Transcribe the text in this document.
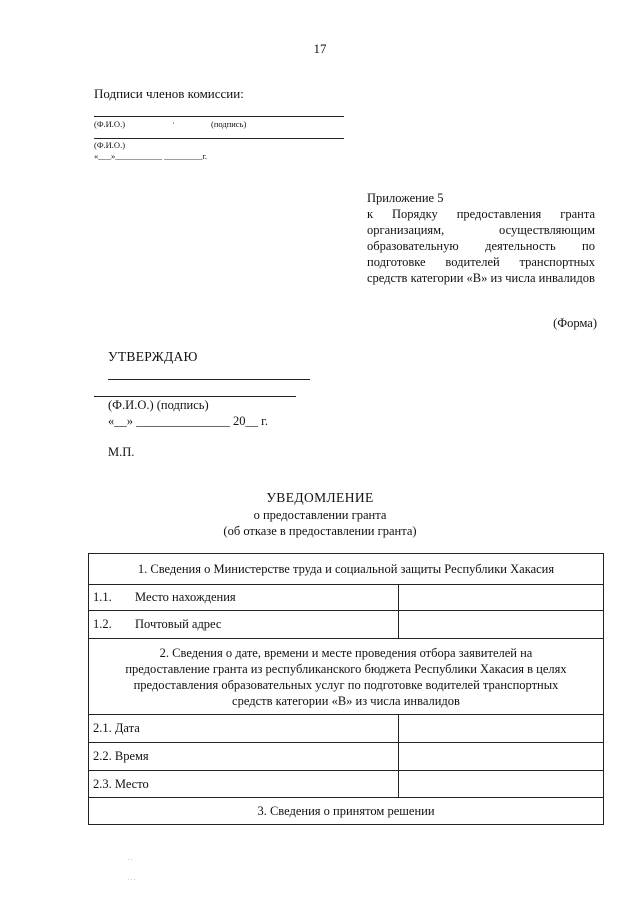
17
Подписи членов комиссии:
(Ф.И.О.)	·	(подпись)
(Ф.И.О.)
«___»___________ _________г.
Приложение 5
к Порядку предоставления гранта организациям, осуществляющим образовательную деятельность по подготовке водителей транспортных средств категории «В» из числа инвалидов
(Форма)
УТВЕРЖДАЮ
(Ф.И.О.) (подпись)
«__» _______________ 20__ г.
М.П.
УВЕДОМЛЕНИЕ
о предоставлении гранта
(об отказе в предоставлении гранта)
1. Сведения о Министерстве труда и социальной защиты Республики Хакасия	
1.1. Место нахождения	
1.2. Почтовый адрес	

2. Сведения о дате, времени и месте проведения отбора заявителей на
предоставление гранта из республиканского бюджета Республики Хакасия в целях
предоставления образовательных услуг по подготовке водителей транспортных
средств категории «В» из числа инвалидов	

2.1. Дата	
2.2. Время	
2.3. Место	
3. Сведения о принятом решении	
. .
. . .
